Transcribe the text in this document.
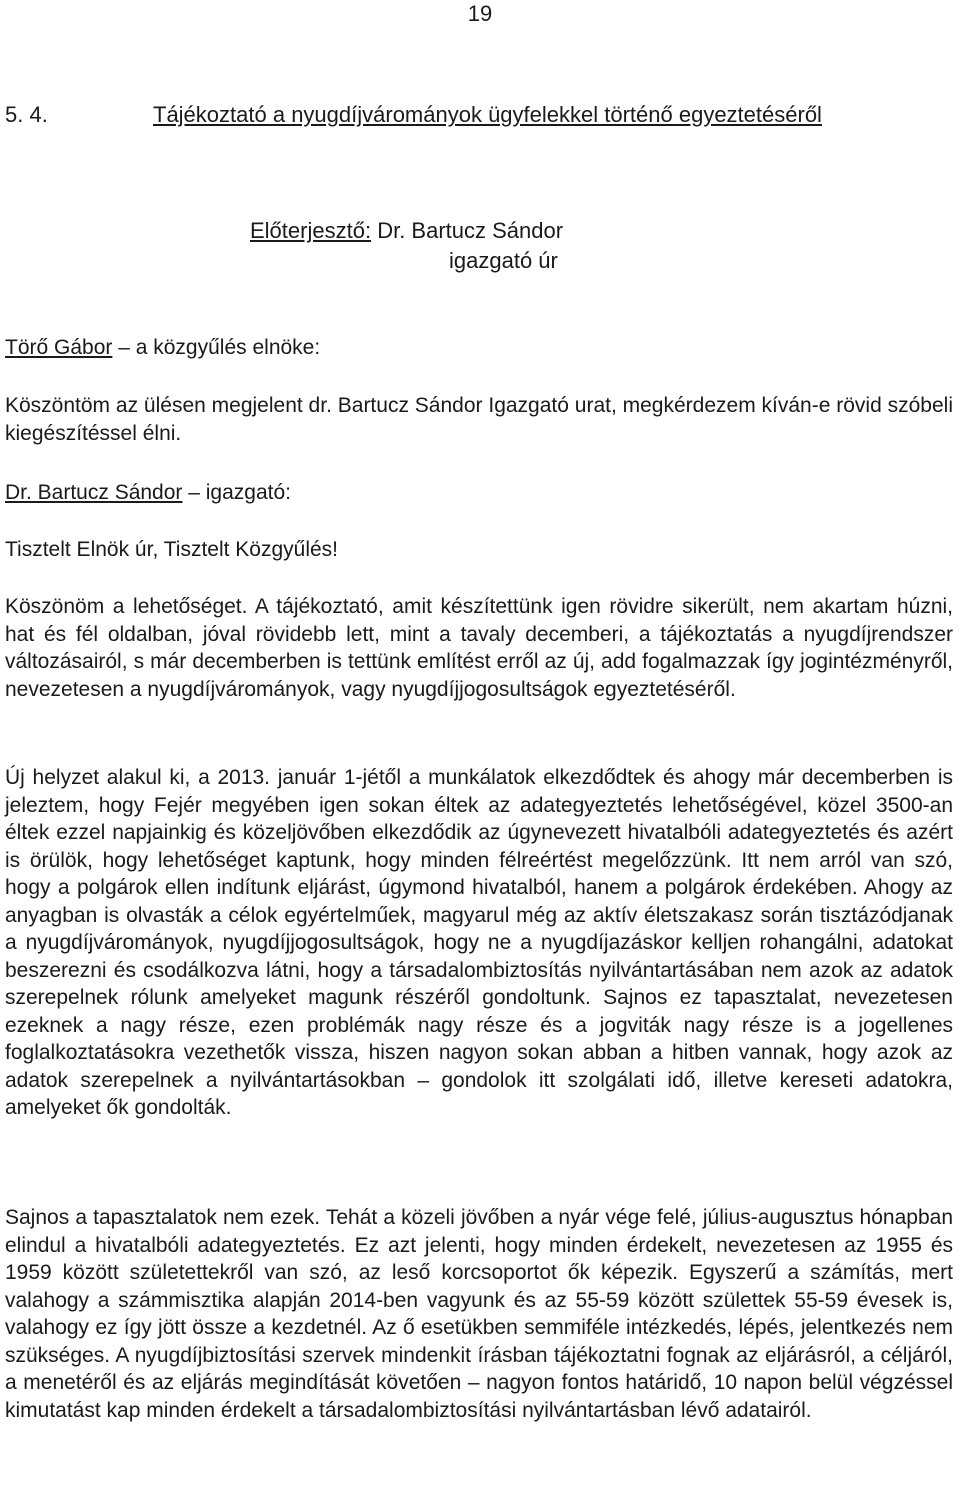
19
5. 4.	Tájékoztató a nyugdíjvárományok ügyfelekkel történő egyeztetéséről
Előterjesztő: Dr. Bartucz Sándor
igazgató úr

Törő Gábor – a közgyűlés elnöke:

Köszöntöm az ülésen megjelent dr. Bartucz Sándor Igazgató urat, megkérdezem kíván-e rövid szóbeli kiegészítéssel élni.

Dr. Bartucz Sándor – igazgató:

Tisztelt Elnök úr, Tisztelt Közgyűlés!

Köszönöm a lehetőséget. A tájékoztató, amit készítettünk igen rövidre sikerült, nem akartam húzni, hat és fél oldalban, jóval rövidebb lett, mint a tavaly decemberi, a tájékoztatás a nyugdíjrendszer változásairól, s már decemberben is tettünk említést erről az új, add fogalmazzak így jogintézményről, nevezetesen a nyugdíjvárományok, vagy nyugdíjjogosultságok egyeztetéséről.

Új helyzet alakul ki, a 2013. január 1-jétől a munkálatok elkezdődtek és ahogy már decemberben is jeleztem, hogy Fejér megyében igen sokan éltek az adategyeztetés lehetőségével, közel 3500-an éltek ezzel napjainkig és közeljövőben elkezdődik az úgynevezett hivatalbóli adategyeztetés és azért is örülök, hogy lehetőséget kaptunk, hogy minden félreértést megelőzzünk. Itt nem arról van szó, hogy a polgárok ellen indítunk eljárást, úgymond hivatalból, hanem a polgárok érdekében. Ahogy az anyagban is olvasták a célok egyértelműek, magyarul még az aktív életszakasz során tisztázódjanak a nyugdíjvárományok, nyugdíjjogosultságok, hogy ne a nyugdíjazáskor kelljen rohangálni, adatokat beszerezni és csodálkozva látni, hogy a társadalombiztosítás nyilvántartásában nem azok az adatok szerepelnek rólunk amelyeket magunk részéről gondoltunk. Sajnos ez tapasztalat, nevezetesen ezeknek a nagy része, ezen problémák nagy része és a jogviták nagy része is a jogellenes foglalkoztatásokra vezethetők vissza, hiszen nagyon sokan abban a hitben vannak, hogy azok az adatok szerepelnek a nyilvántartásokban – gondolok itt szolgálati idő, illetve kereseti adatokra, amelyeket ők gondolták.

Sajnos a tapasztalatok nem ezek. Tehát a közeli jövőben a nyár vége felé, július-augusztus hónapban elindul a hivatalbóli adategyeztetés. Ez azt jelenti, hogy minden érdekelt, nevezetesen az 1955 és 1959 között születettekről van szó, az leső korcsoportot ők képezik. Egyszerű a számítás, mert valahogy a számmisztika alapján 2014-ben vagyunk és az 55-59 között születtek 55-59 évesek is, valahogy ez így jött össze a kezdetnél. Az ő esetükben semmiféle intézkedés, lépés, jelentkezés nem szükséges. A nyugdíjbiztosítási szervek mindenkit írásban tájékoztatni fognak az eljárásról, a céljáról, a menetéről és az eljárás megindítását követően – nagyon fontos határidő, 10 napon belül végzéssel kimutatást kap minden érdekelt a társadalombiztosítási nyilvántartásban lévő adatairól.
